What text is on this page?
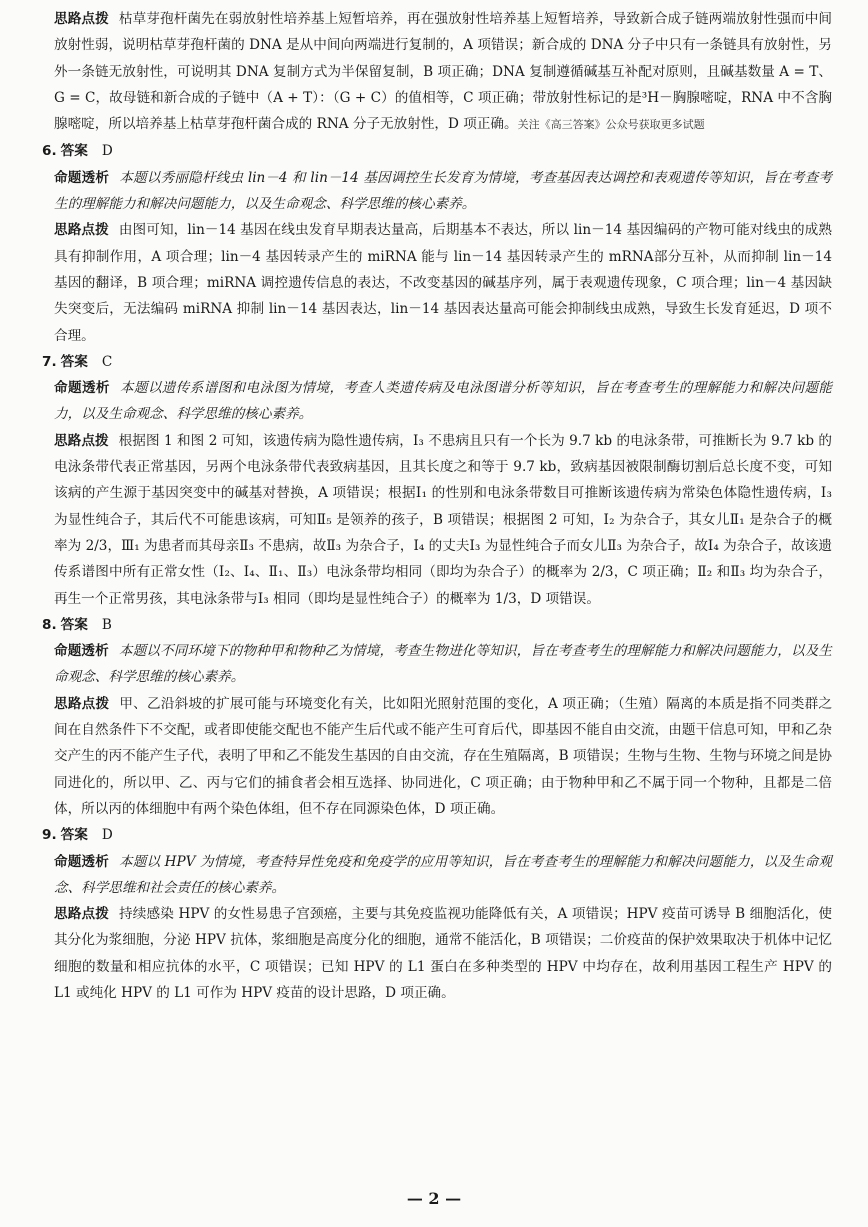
思路点拨 枯草芽孢杆菌先在弱放射性培养基上短暂培养，再在强放射性培养基上短暂培养，导致新合成子链两端放射性强而中间放射性弱，说明枯草芽孢杆菌的 DNA 是从中间向两端进行复制的，A 项错误；新合成的 DNA 分子中只有一条链具有放射性，另外一条链无放射性，可说明其 DNA 复制方式为半保留复制，B 项正确；DNA 复制遵循碱基互补配对原则，且碱基数量 A = T、G = C，故母链和新合成的子链中（A + T）：（G + C）的值相等，C 项正确；带放射性标记的是³H－胸腺嘧啶，RNA 中不含胸腺嘧啶，所以培养基上枯草芽孢杆菌合成的 RNA 分子无放射性，D 项正确。关注《高三答案》公众号获取更多试题

6. 答案 D

命题透析 本题以秀丽隐杆线虫 lin－4 和 lin－14 基因调控生长发育为情境，考查基因表达调控和表观遗传等知识，旨在考查考生的理解能力和解决问题能力，以及生命观念、科学思维的核心素养。

思路点拨 由图可知，lin－14 基因在线虫发育早期表达量高，后期基本不表达，所以 lin－14 基因编码的产物可能对线虫的成熟具有抑制作用，A 项合理；lin－4 基因转录产生的 miRNA 能与 lin－14 基因转录产生的 mRNA部分互补，从而抑制 lin－14 基因的翻译，B 项合理；miRNA 调控遗传信息的表达，不改变基因的碱基序列，属于表观遗传现象，C 项合理；lin－4 基因缺失突变后，无法编码 miRNA 抑制 lin－14 基因表达，lin－14 基因表达量高可能会抑制线虫成熟，导致生长发育延迟，D 项不合理。

7. 答案 C

命题透析 本题以遗传系谱图和电泳图为情境，考查人类遗传病及电泳图谱分析等知识，旨在考查考生的理解能力和解决问题能力，以及生命观念、科学思维的核心素养。

思路点拨 根据图 1 和图 2 可知，该遗传病为隐性遗传病，Ⅰ₃ 不患病且只有一个长为 9.7 kb 的电泳条带，可推断长为 9.7 kb 的电泳条带代表正常基因，另两个电泳条带代表致病基因，且其长度之和等于 9.7 kb，致病基因被限制酶切割后总长度不变，可知该病的产生源于基因突变中的碱基对替换，A 项错误；根据Ⅰ₁ 的性别和电泳条带数目可推断该遗传病为常染色体隐性遗传病，Ⅰ₃ 为显性纯合子，其后代不可能患该病，可知Ⅱ₅ 是领养的孩子，B 项错误；根据图 2 可知，Ⅰ₂ 为杂合子，其女儿Ⅱ₁ 是杂合子的概率为 2/3，Ⅲ₁ 为患者而其母亲Ⅱ₃ 不患病，故Ⅱ₃ 为杂合子，Ⅰ₄ 的丈夫Ⅰ₃ 为显性纯合子而女儿Ⅱ₃ 为杂合子，故Ⅰ₄ 为杂合子，故该遗传系谱图中所有正常女性（Ⅰ₂、Ⅰ₄、Ⅱ₁、Ⅱ₃）电泳条带均相同（即均为杂合子）的概率为 2/3，C 项正确；Ⅱ₂ 和Ⅱ₃ 均为杂合子，再生一个正常男孩，其电泳条带与Ⅰ₃ 相同（即均是显性纯合子）的概率为 1/3，D 项错误。

8. 答案 B

命题透析 本题以不同环境下的物种甲和物种乙为情境，考查生物进化等知识，旨在考查考生的理解能力和解决问题能力，以及生命观念、科学思维的核心素养。

思路点拨 甲、乙沿斜坡的扩展可能与环境变化有关，比如阳光照射范围的变化，A 项正确；（生殖）隔离的本质是指不同类群之间在自然条件下不交配，或者即使能交配也不能产生后代或不能产生可育后代，即基因不能自由交流，由题干信息可知，甲和乙杂交产生的丙不能产生子代，表明了甲和乙不能发生基因的自由交流，存在生殖隔离，B 项错误；生物与生物、生物与环境之间是协同进化的，所以甲、乙、丙与它们的捕食者会相互选择、协同进化，C 项正确；由于物种甲和乙不属于同一个物种，且都是二倍体，所以丙的体细胞中有两个染色体组，但不存在同源染色体，D 项正确。

9. 答案 D

命题透析 本题以 HPV 为情境，考查特异性免疫和免疫学的应用等知识，旨在考查考生的理解能力和解决问题能力，以及生命观念、科学思维和社会责任的核心素养。

思路点拨 持续感染 HPV 的女性易患子宫颈癌，主要与其免疫监视功能降低有关，A 项错误；HPV 疫苗可诱导 B 细胞活化，使其分化为浆细胞，分泌 HPV 抗体，浆细胞是高度分化的细胞，通常不能活化，B 项错误；二价疫苗的保护效果取决于机体中记忆细胞的数量和相应抗体的水平，C 项错误；已知 HPV 的 L1 蛋白在多种类型的 HPV 中均存在，故利用基因工程生产 HPV 的 L1 或纯化 HPV 的 L1 可作为 HPV 疫苗的设计思路，D 项正确。

— 2 —
